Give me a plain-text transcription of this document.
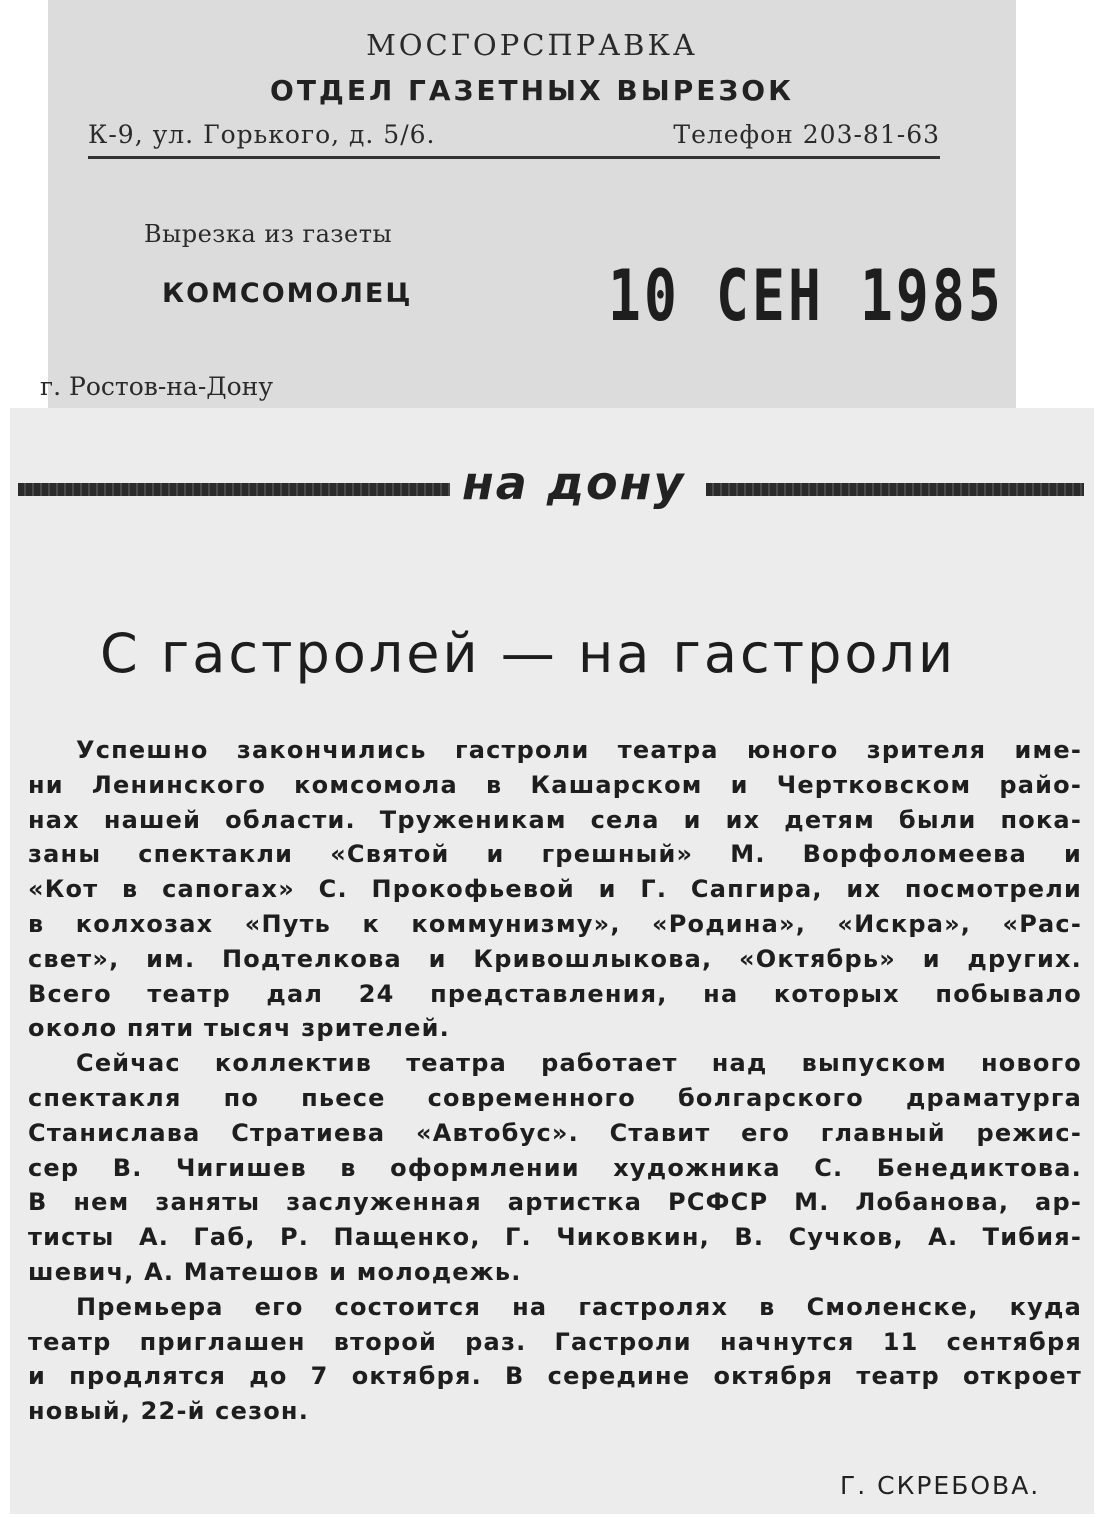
МОСГОРСПРАВКА
ОТДЕЛ ГАЗЕТНЫХ ВЫРЕЗОК
К-9, ул. Горького, д. 5/6.	Телефон 203-81-63
Вырезка из газеты
КОМСОМОЛЕЦ	10 СЕН 1985
г. Ростов-на-Дону
на дону
С гастролей — на гастроли
Успешно закончились гастроли театра юного зрителя име-
ни Ленинского комсомола в Кашарском и Чертковском райо-
нах нашей области. Труженикам села и их детям были пока-
заны спектакли «Святой и грешный» М. Ворфоломеева и
«Кот в сапогах» С. Прокофьевой и Г. Сапгира, их посмотрели
в колхозах «Путь к коммунизму», «Родина», «Искра», «Рас-
свет», им. Подтелкова и Кривошлыкова, «Октябрь» и других.
Всего театр дал 24 представления, на которых побывало
около пяти тысяч зрителей.
Сейчас коллектив театра работает над выпуском нового
спектакля по пьесе современного болгарского драматурга
Станислава Стратиева «Автобус». Ставит его главный режис-
сер В. Чигишев в оформлении художника С. Бенедиктова.
В нем заняты заслуженная артистка РСФСР М. Лобанова, ар-
тисты А. Габ, Р. Пащенко, Г. Чиковкин, В. Сучков, А. Тибия-
шевич, А. Матешов и молодежь.
Премьера его состоится на гастролях в Смоленске, куда
театр приглашен второй раз. Гастроли начнутся 11 сентября
и продлятся до 7 октября. В середине октября театр откроет
новый, 22-й сезон.
Г. СКРЕБОВА.
